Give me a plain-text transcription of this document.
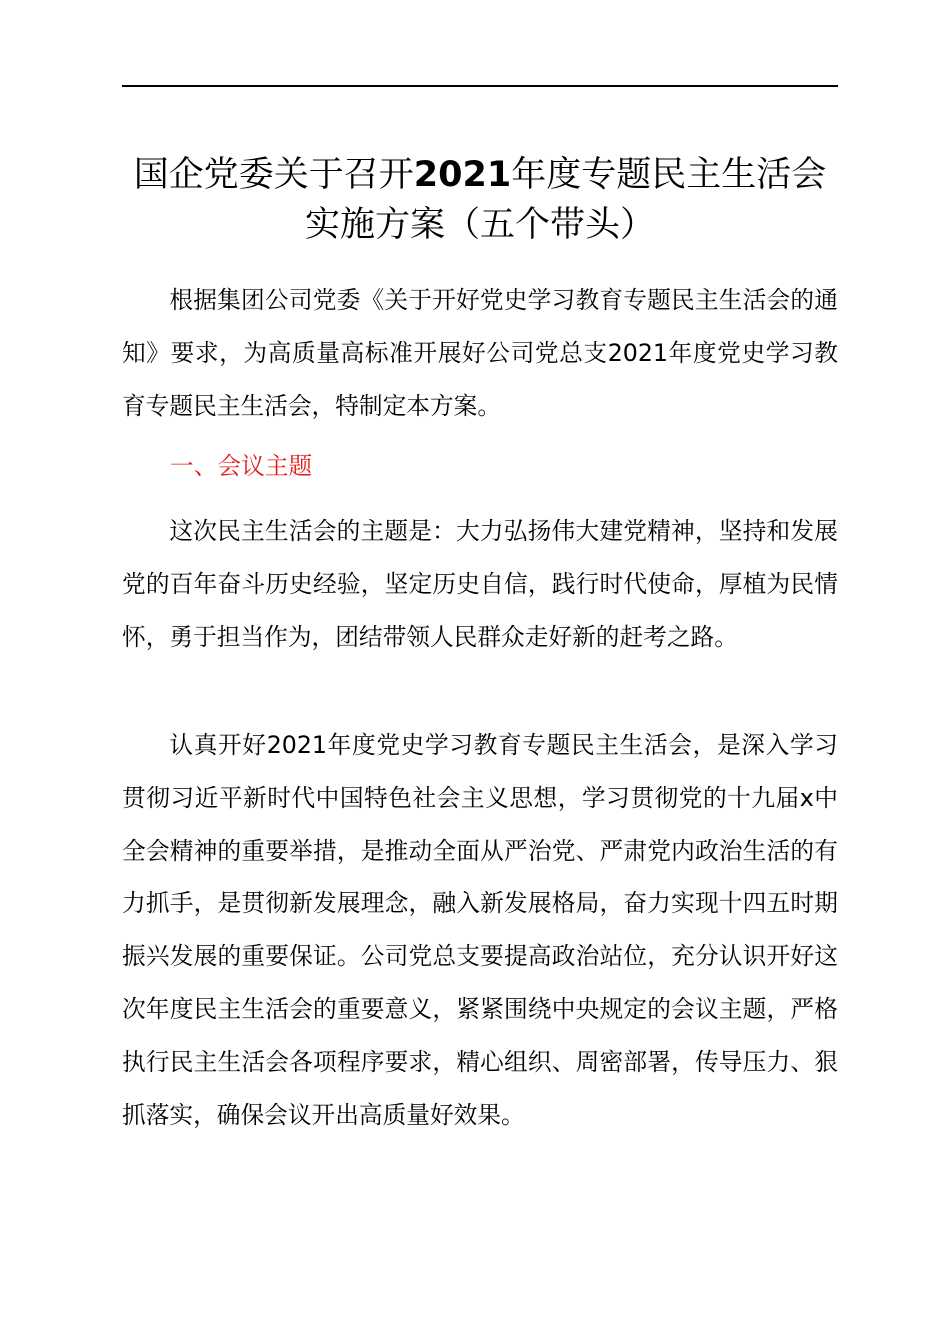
国企党委关于召开2021年度专题民主生活会
实施方案（五个带头）

根据集团公司党委《关于开好党史学习教育专题民主生活会的通知》要求，为高质量高标准开展好公司党总支2021年度党史学习教育专题民主生活会，特制定本方案。

一、会议主题

这次民主生活会的主题是：大力弘扬伟大建党精神，坚持和发展党的百年奋斗历史经验，坚定历史自信，践行时代使命，厚植为民情怀，勇于担当作为，团结带领人民群众走好新的赶考之路。

认真开好2021年度党史学习教育专题民主生活会，是深入学习贯彻习近平新时代中国特色社会主义思想，学习贯彻党的十九届x中全会精神的重要举措，是推动全面从严治党、严肃党内政治生活的有力抓手，是贯彻新发展理念，融入新发展格局，奋力实现十四五时期振兴发展的重要保证。公司党总支要提高政治站位，充分认识开好这次年度民主生活会的重要意义，紧紧围绕中央规定的会议主题，严格执行民主生活会各项程序要求，精心组织、周密部署，传导压力、狠抓落实，确保会议开出高质量好效果。
